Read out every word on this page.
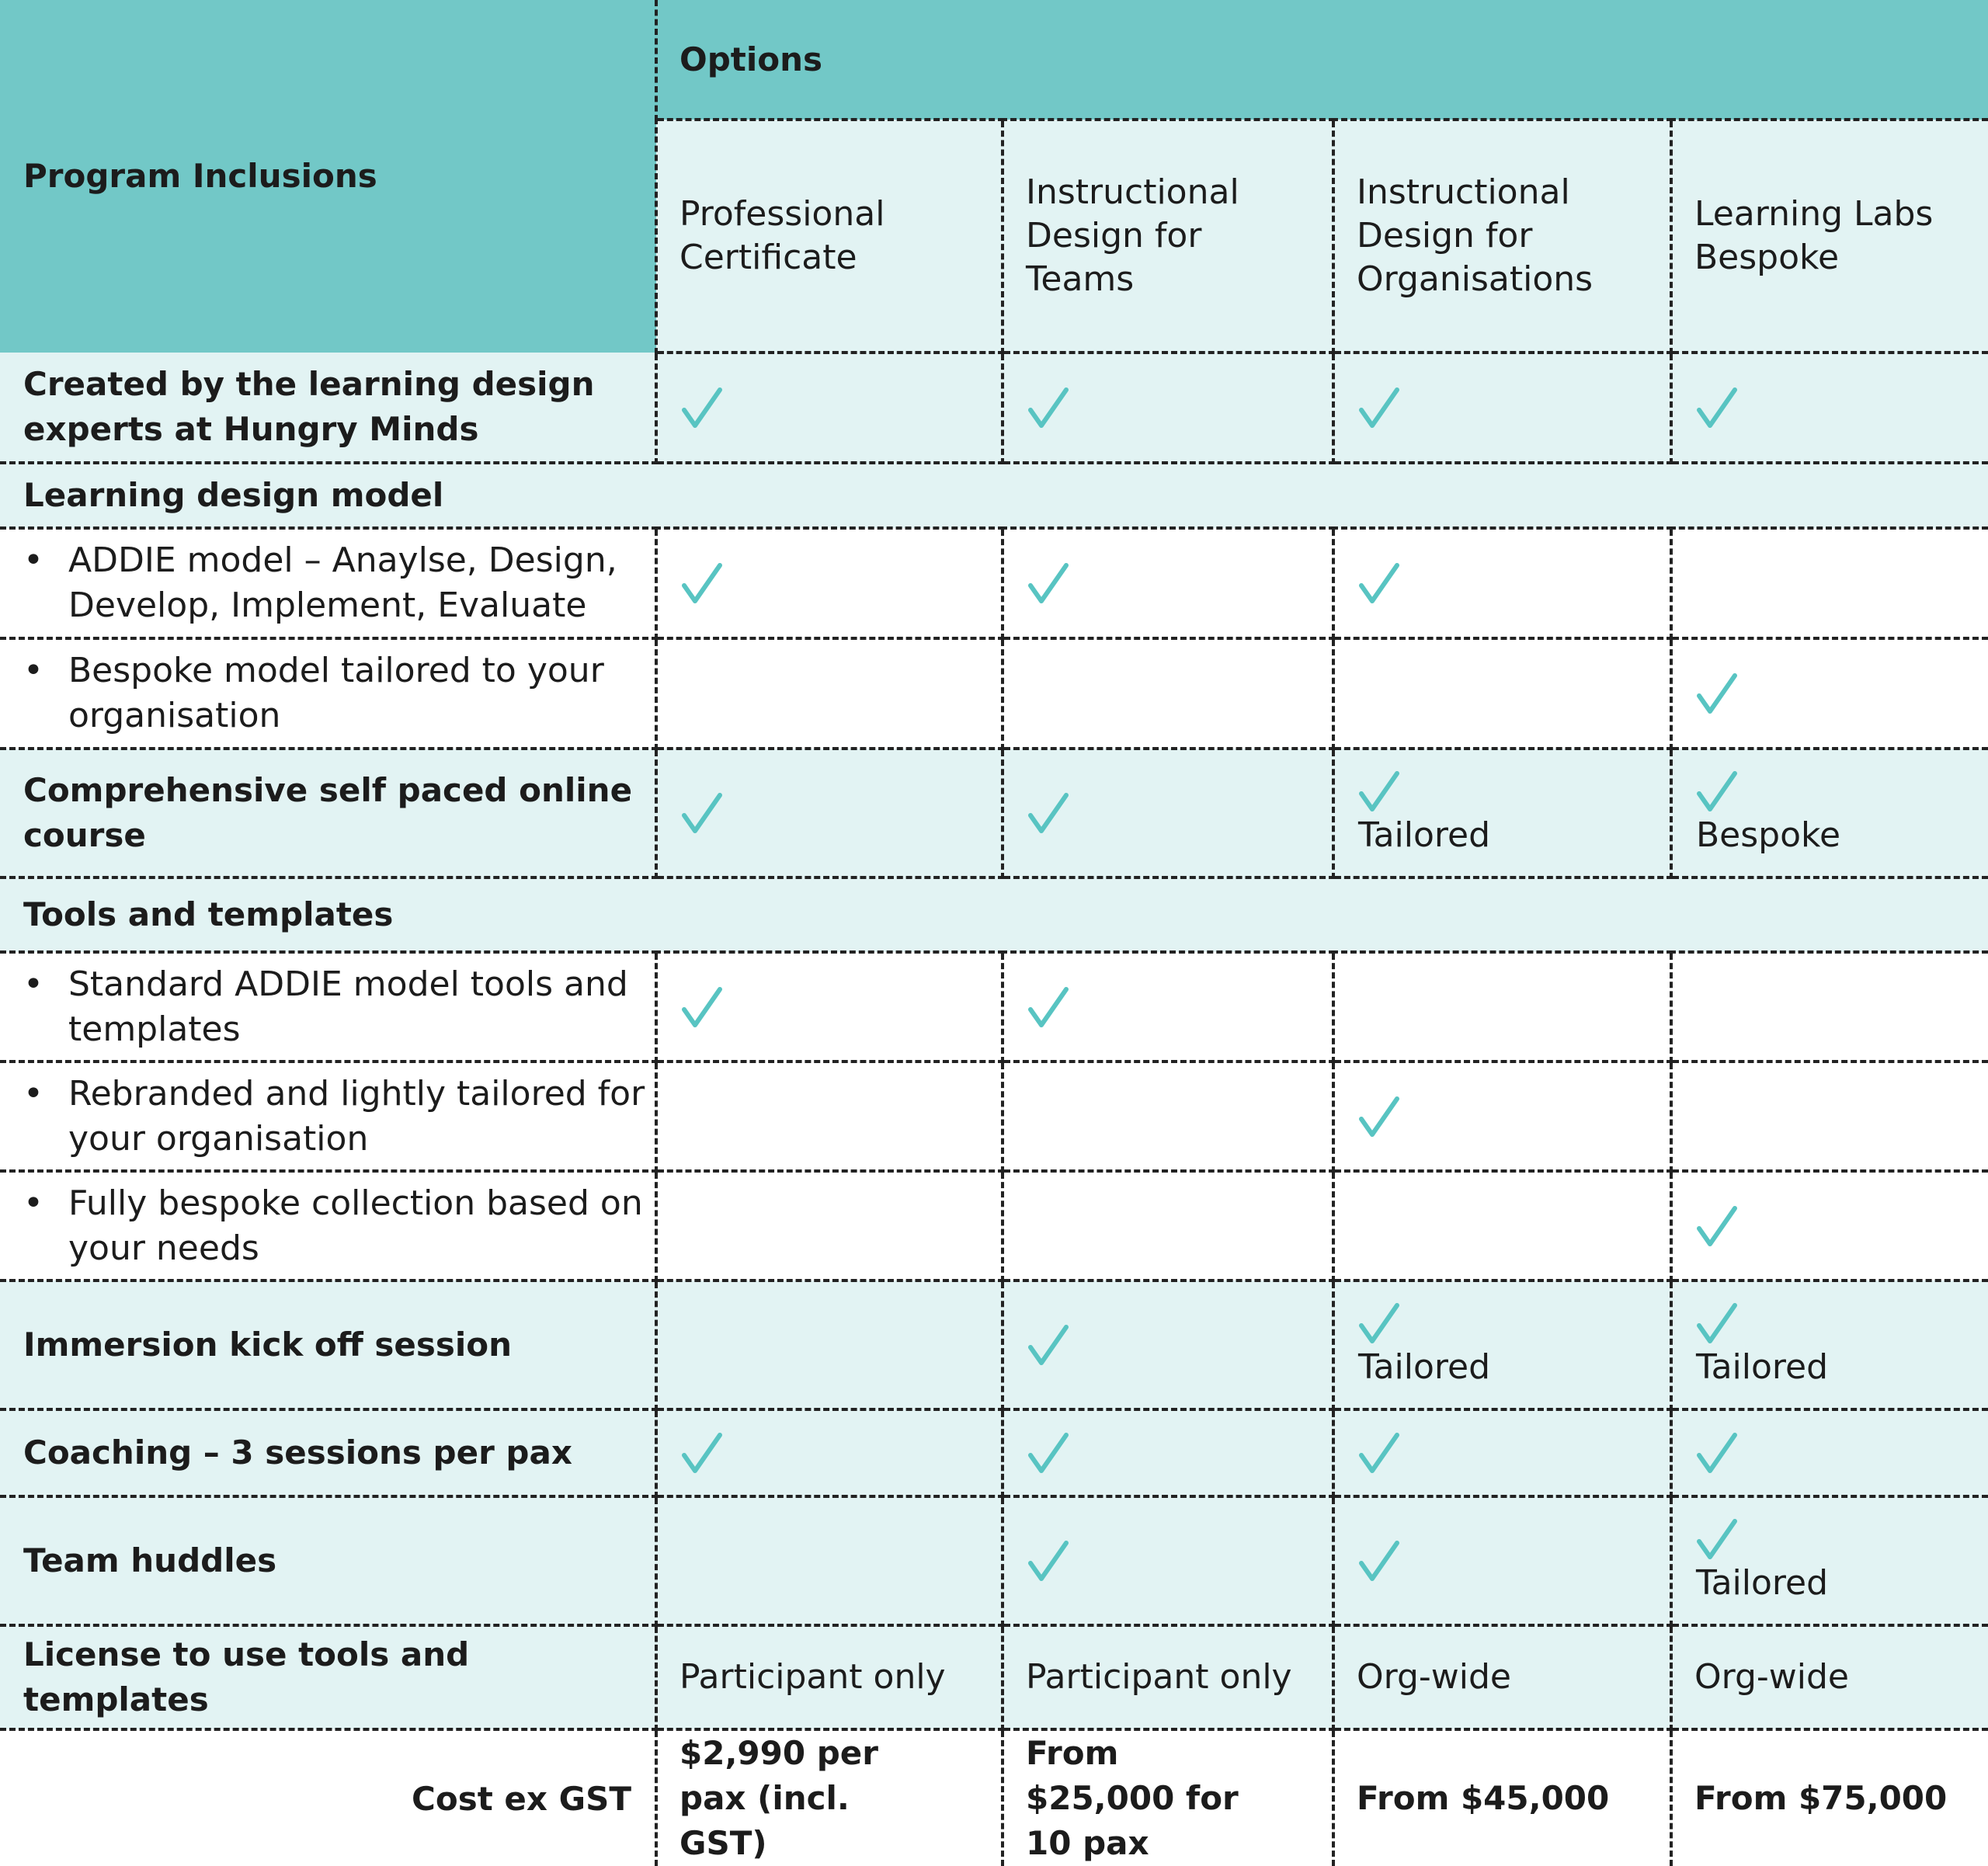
Program Inclusions	Options			

	Professional Certificate	Instructional Design for Teams	Instructional Design for Organisations	Learning Labs Bespoke

Created by the learning design experts at Hungry Minds

Learning design model				

• ADDIE model – Anaylse, Design, Develop, Implement, Evaluate

• Bespoke model tailored to your organisation

Comprehensive self paced online course			Tailored	Bespoke

Tools and templates				

• Standard ADDIE model tools and templates

• Rebranded and lightly tailored for your organisation

• Fully bespoke collection based on your needs

Immersion kick off session			Tailored	Tailored

Coaching – 3 sessions per pax

Team huddles				Tailored

License to use tools and templates	Participant only	Participant only	Org-wide	Org-wide

Cost ex GST	$2,990 per pax (incl. GST)	From $25,000 for 10 pax	From $45,000	From $75,000
